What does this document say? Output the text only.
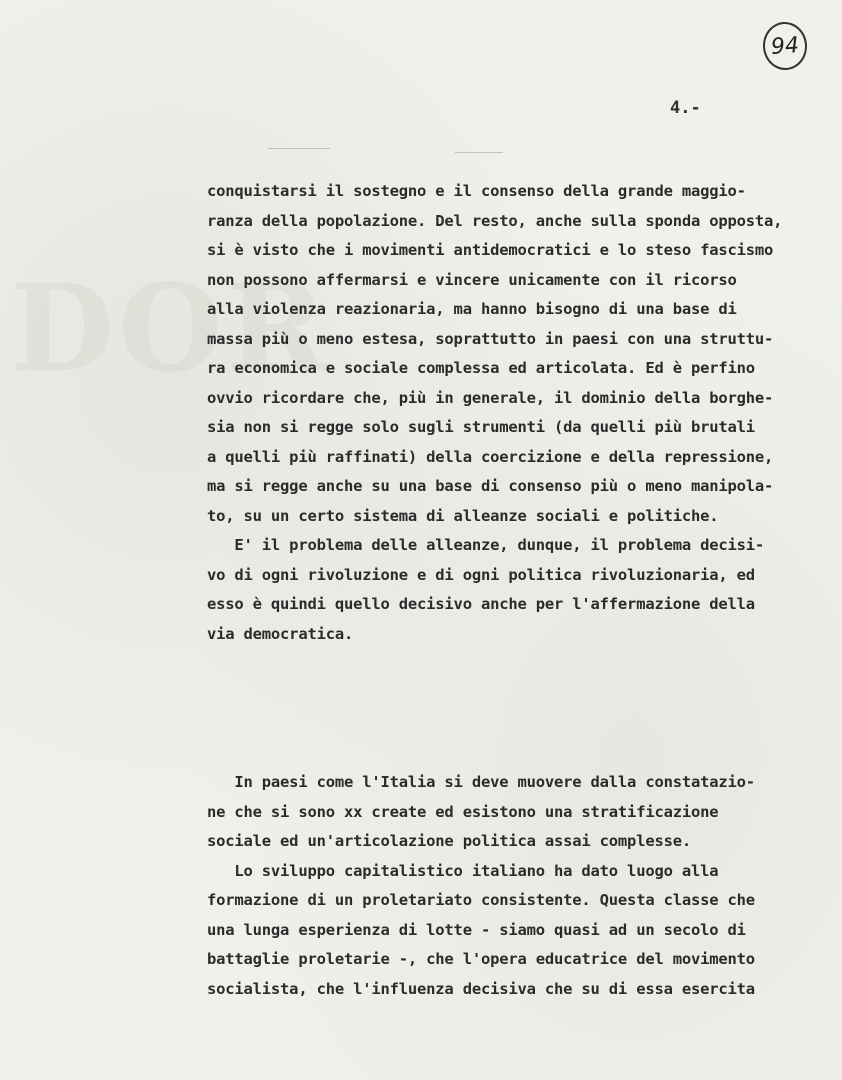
DOR
94
4.-
conquistarsi il sostegno e il consenso della grande maggio-
ranza della popolazione. Del resto, anche sulla sponda opposta,
si è visto che i movimenti antidemocratici e lo steso fascismo
non possono affermarsi e vincere unicamente con il ricorso
alla violenza reazionaria, ma hanno bisogno di una base di
massa più o meno estesa, soprattutto in paesi con una struttu-
ra economica e sociale complessa ed articolata. Ed è perfino
ovvio ricordare che, più in generale, il dominio della borghe-
sia non si regge solo sugli strumenti (da quelli più brutali
a quelli più raffinati) della coercizione e della repressione,
ma si regge anche su una base di consenso più o meno manipola-
to, su un certo sistema di alleanze sociali e politiche.
E' il problema delle alleanze, dunque, il problema decisi-
vo di ogni rivoluzione e di ogni politica rivoluzionaria, ed
esso è quindi quello decisivo anche per l'affermazione della
via democratica.
In paesi come l'Italia si deve muovere dalla constatazio-
ne che si sono xx create ed esistono una stratificazione
sociale ed un'articolazione politica assai complesse.
Lo sviluppo capitalistico italiano ha dato luogo alla
formazione di un proletariato consistente. Questa classe che
una lunga esperienza di lotte - siamo quasi ad un secolo di
battaglie proletarie -, che l'opera educatrice del movimento
socialista, che l'influenza decisiva che su di essa esercita
